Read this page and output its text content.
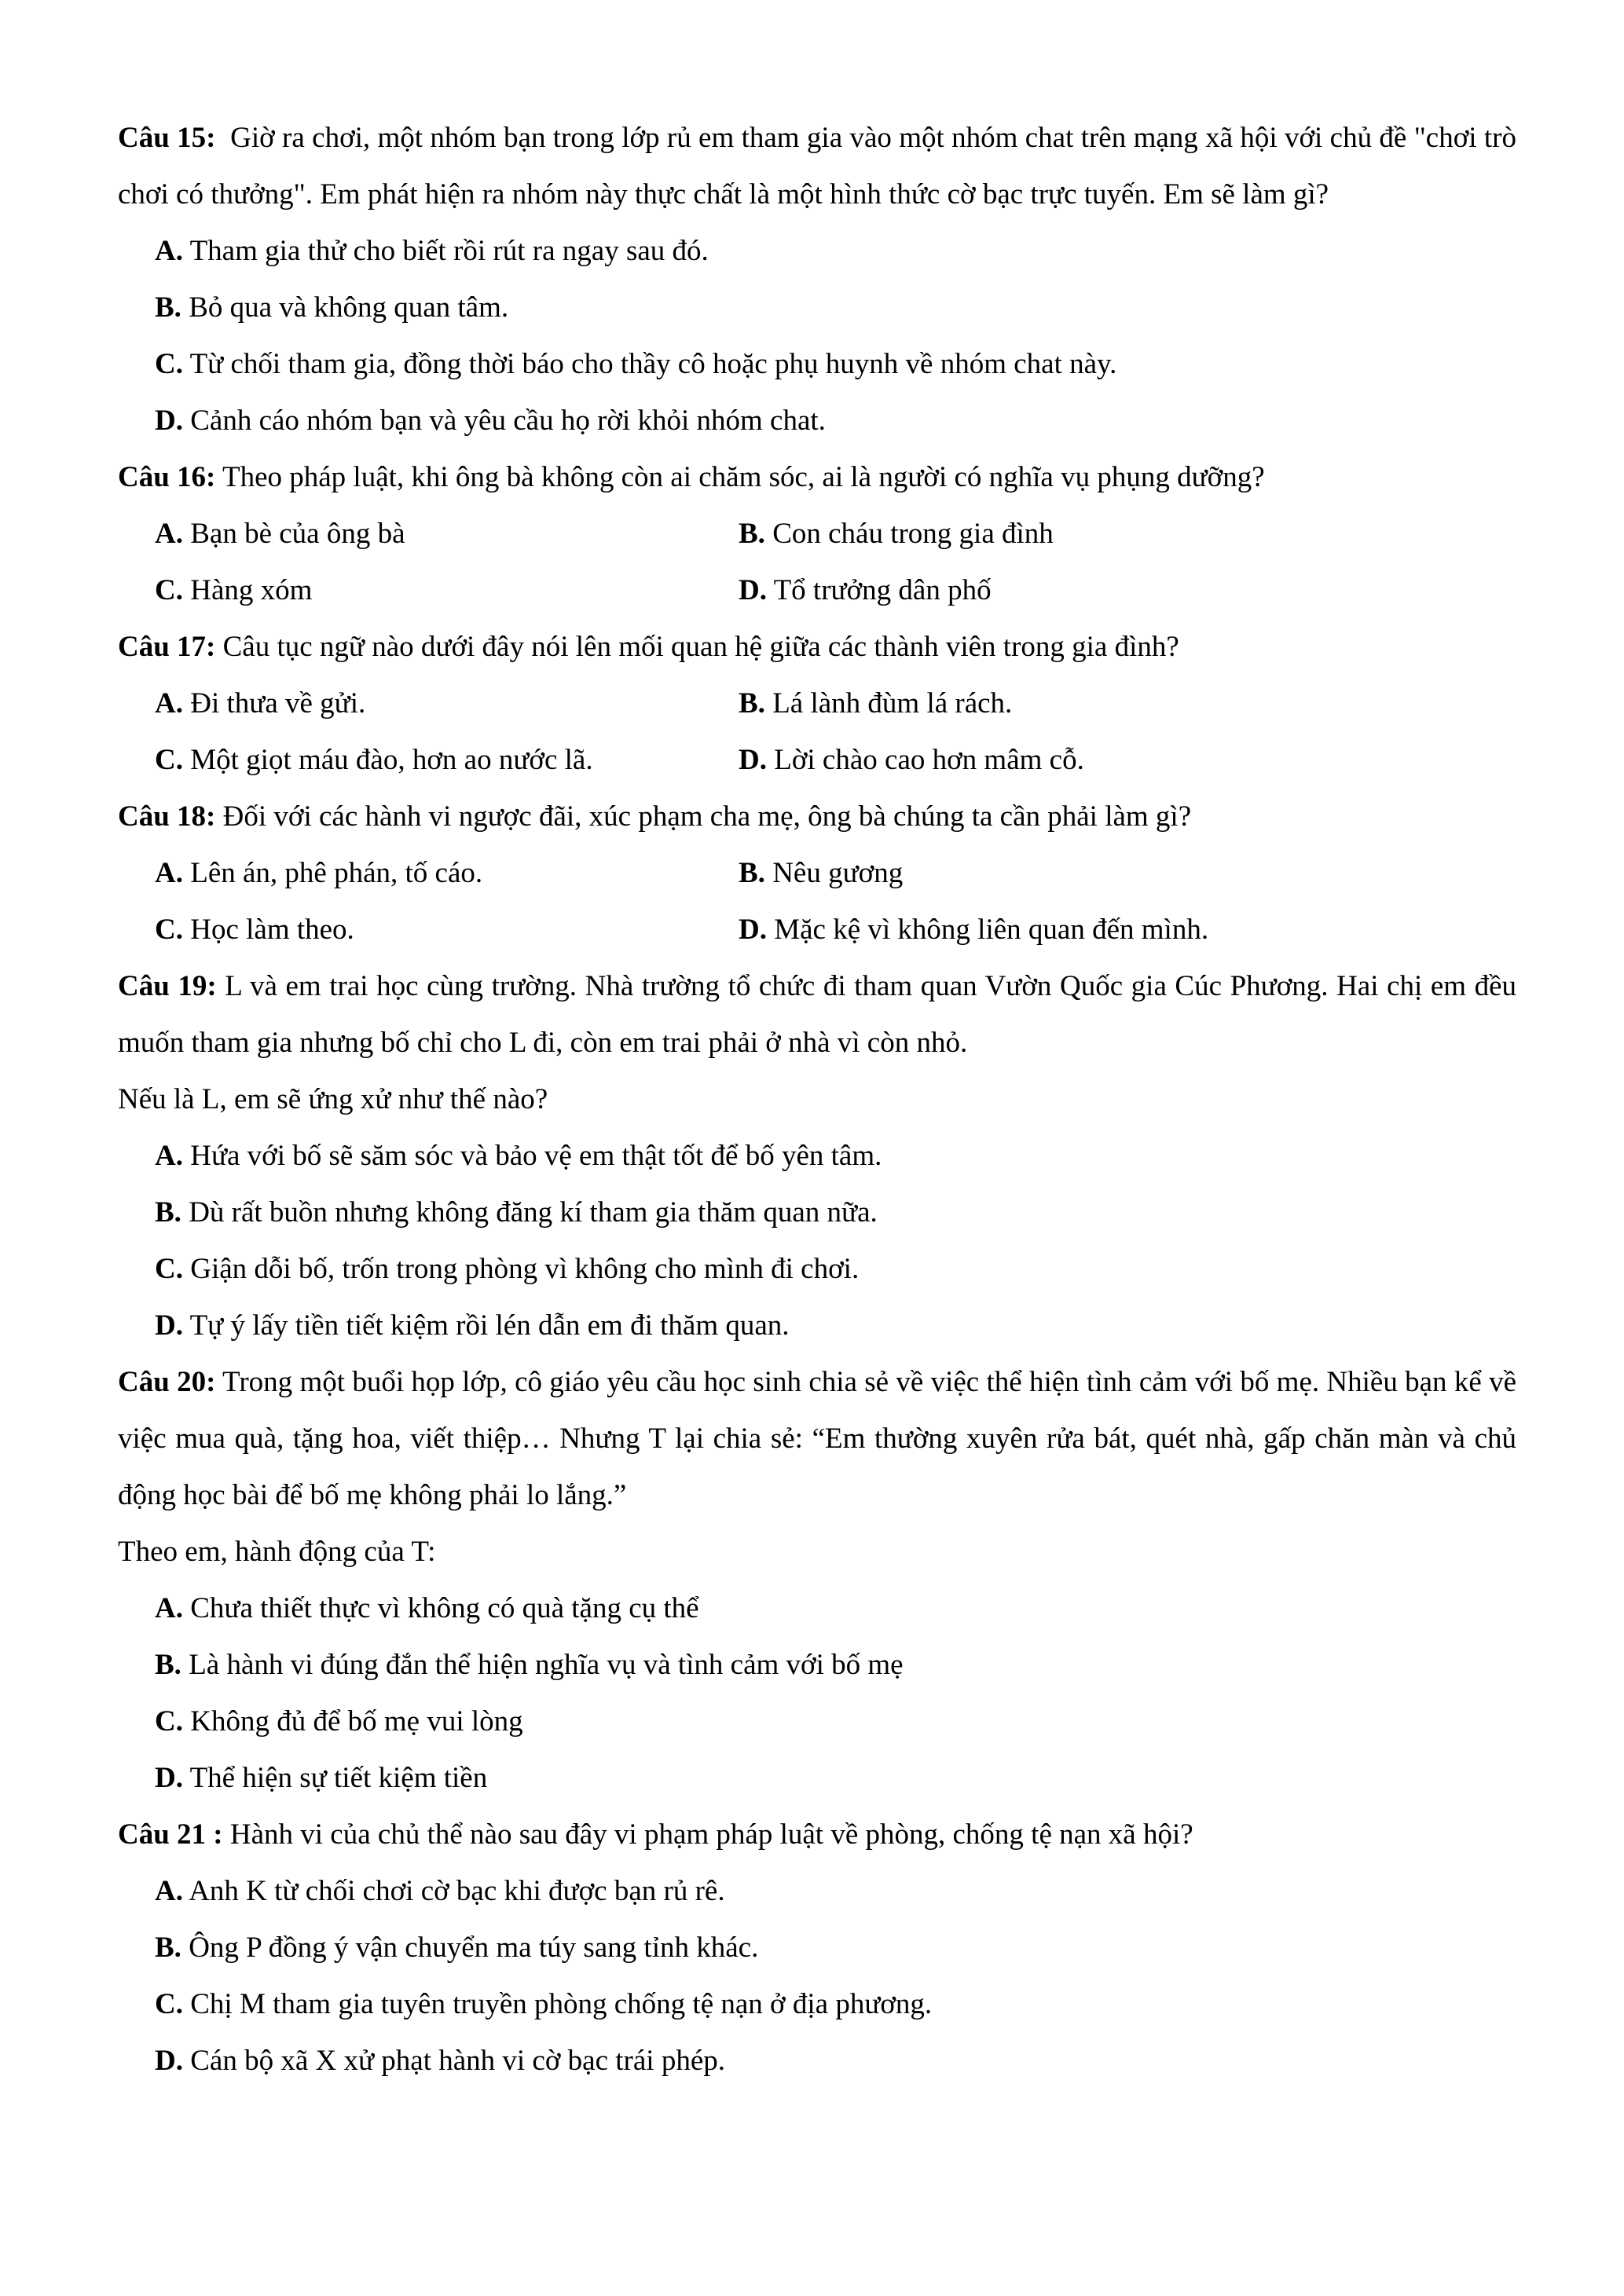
Câu 15: Giờ ra chơi, một nhóm bạn trong lớp rủ em tham gia vào một nhóm chat trên mạng xã hội với chủ đề "chơi trò chơi có thưởng". Em phát hiện ra nhóm này thực chất là một hình thức cờ bạc trực tuyến. Em sẽ làm gì?

A. Tham gia thử cho biết rồi rút ra ngay sau đó.

B. Bỏ qua và không quan tâm.

C. Từ chối tham gia, đồng thời báo cho thầy cô hoặc phụ huynh về nhóm chat này.

D. Cảnh cáo nhóm bạn và yêu cầu họ rời khỏi nhóm chat.

Câu 16: Theo pháp luật, khi ông bà không còn ai chăm sóc, ai là người có nghĩa vụ phụng dưỡng?

A. Bạn bè của ông bà	B. Con cháu trong gia đình

C. Hàng xóm	D. Tổ trưởng dân phố

Câu 17: Câu tục ngữ nào dưới đây nói lên mối quan hệ giữa các thành viên trong gia đình?

A. Đi thưa về gửi.	B. Lá lành đùm lá rách.

C. Một giọt máu đào, hơn ao nước lã.	D. Lời chào cao hơn mâm cỗ.

Câu 18: Đối với các hành vi ngược đãi, xúc phạm cha mẹ, ông bà chúng ta cần phải làm gì?

A. Lên án, phê phán, tố cáo.	B. Nêu gương

C. Học làm theo.	D. Mặc kệ vì không liên quan đến mình.

Câu 19: L và em trai học cùng trường. Nhà trường tổ chức đi tham quan Vườn Quốc gia Cúc Phương. Hai chị em đều muốn tham gia nhưng bố chỉ cho L đi, còn em trai phải ở nhà vì còn nhỏ.

Nếu là L, em sẽ ứng xử như thế nào?

A. Hứa với bố sẽ săm sóc và bảo vệ em thật tốt để bố yên tâm.

B. Dù rất buồn nhưng không đăng kí tham gia thăm quan nữa.

C. Giận dỗi bố, trốn trong phòng vì không cho mình đi chơi.

D. Tự ý lấy tiền tiết kiệm rồi lén dẫn em đi thăm quan.

Câu 20: Trong một buổi họp lớp, cô giáo yêu cầu học sinh chia sẻ về việc thể hiện tình cảm với bố mẹ. Nhiều bạn kể về việc mua quà, tặng hoa, viết thiệp… Nhưng T lại chia sẻ: “Em thường xuyên rửa bát, quét nhà, gấp chăn màn và chủ động học bài để bố mẹ không phải lo lắng.”

Theo em, hành động của T:

A. Chưa thiết thực vì không có quà tặng cụ thể

B. Là hành vi đúng đắn thể hiện nghĩa vụ và tình cảm với bố mẹ

C. Không đủ để bố mẹ vui lòng

D. Thể hiện sự tiết kiệm tiền

Câu 21 : Hành vi của chủ thể nào sau đây vi phạm pháp luật về phòng, chống tệ nạn xã hội?

A. Anh K từ chối chơi cờ bạc khi được bạn rủ rê.

B. Ông P đồng ý vận chuyển ma túy sang tỉnh khác.

C. Chị M tham gia tuyên truyền phòng chống tệ nạn ở địa phương.

D. Cán bộ xã X xử phạt hành vi cờ bạc trái phép.
